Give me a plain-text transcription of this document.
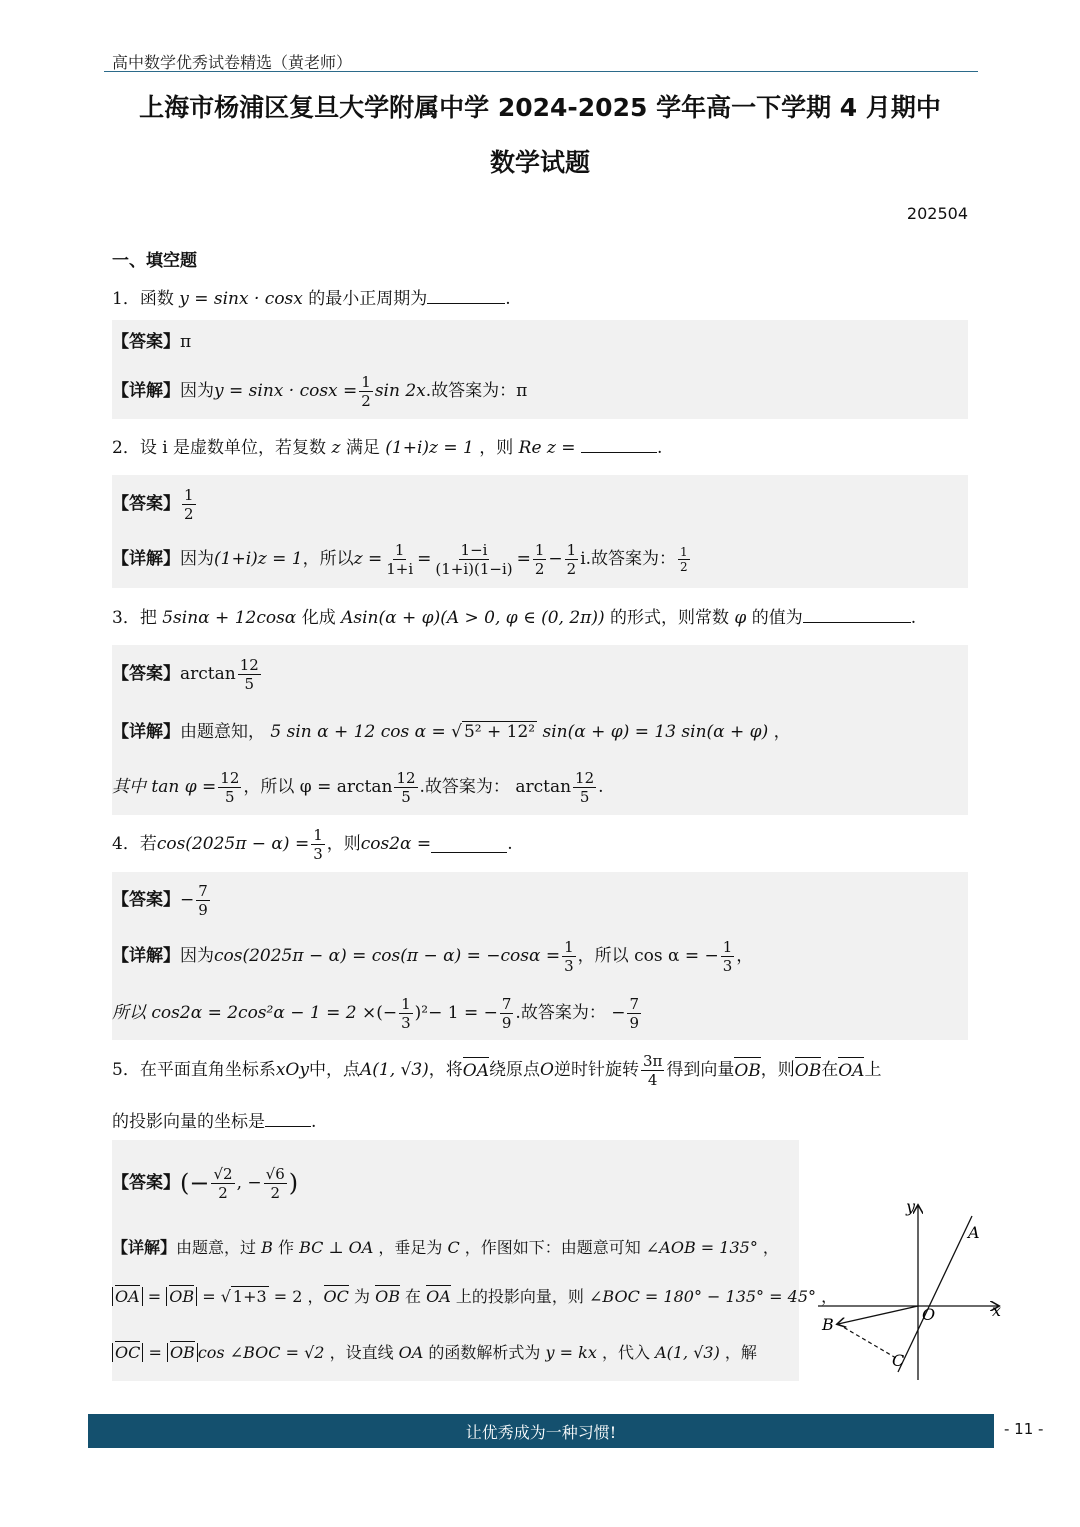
高中数学优秀试卷精选（黄老师）
上海市杨浦区复旦大学附属中学 2024-2025 学年高一下学期 4 月期中
数学试题
202504
一、填空题
1．函数 y = sinx · cosx 的最小正周期为	.
【答案】π
【详解】 因为 $y = \sin x \cdot \cos x = \frac{1}{2}$ sin 2x .故答案为： π
2．设 i 是虚数单位，若复数 z 满足 (1+i)z = 1 ，则 Re z =	.
【答案】 $\frac{1}{2}$
【详解】 因为 (1+i)z = 1 ，所以 $z = \frac{1}{1+i} = \frac{1-i}{(1+i)(1-i)} = \frac{1}{2} - \frac{1}{2}$ i .故答案为： $\frac{1}{2}$
3．把 5sinα + 12cosα 化成 Asin(α + φ)(A > 0, φ ∈ (0, 2π)) 的形式，则常数 φ 的值为	.
【答案】 $\arctan \frac{12}{5}$
【详解】由题意知， 5 sin α + 12 cos α = √ 5² + 12² sin(α + φ) = 13 sin(α + φ) ，
其中 $\tan \varphi = \frac{12}{5}$ ，所以 $\varphi = \arctan \frac{12}{5}$ .故答案为： $\arctan \frac{12}{5}$ .
4．若 $\cos(2025\pi - \alpha) = \frac{1}{3}$ ，则 cos2α =	.
【答案】 − $\frac{7}{9}$
【详解】 因为 $\cos(2025\pi - \alpha) = \cos(\pi - \alpha) = -\cos\alpha = \frac{1}{3}$ ，所以 cos α = − $\frac{1}{3}$ ，
所以 cos2α = 2cos²α − 1 = 2 × (− $\frac{1}{3} )^2 - 1$ = − $\frac{7}{9}$ .故答案为： − $\frac{7}{9}$
5．在平面直角坐标系 xOy 中，点 A(1, √3) ，将 OA 绕原点 O 逆时针旋转 $\frac{3\pi}{4}$ 得到向量 OB ，则 OB 在 OA 上
的投影向量的坐标是	.
【答案】 (− $\frac{√2}{2}$ , − $\frac{√6}{2}$ )
【详解】由题意，过 B 作 BC ⊥ OA ，垂足为 C ，作图如下：由题意可知 ∠AOB = 135° ，
OA = OB = √ 1+3 = 2 ，OC 为 OB 在 OA 上的投影向量，则 ∠BOC = 180° − 135° = 45° ，
OC = OB cos ∠BOC = √2 ，设直线 OA 的函数解析式为 y = kx ，代入 A(1, √3) ，解
y
x
O
A
B
C
让优秀成为一种习惯!	- 11 -
